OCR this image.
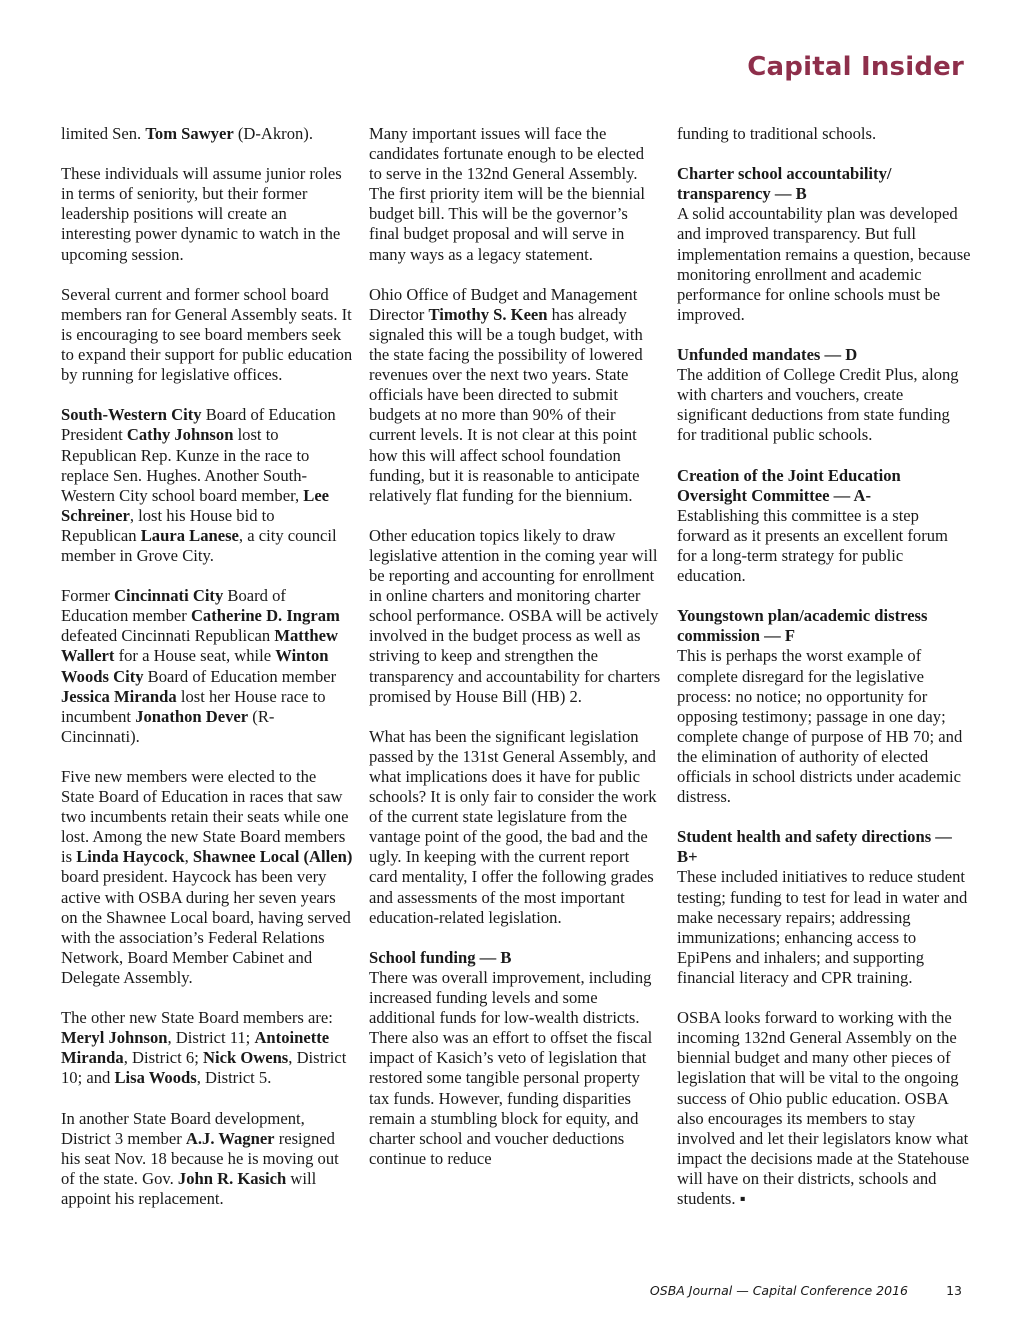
Capital Insider

limited Sen. Tom Sawyer (D-Akron).

These individuals will assume junior roles in terms of seniority, but their former leadership positions will create an interesting power dynamic to watch in the upcoming session.

Several current and former school board members ran for General Assembly seats. It is encouraging to see board members seek to expand their support for public education by running for legislative offices.

South-Western City Board of Education President Cathy Johnson lost to Republican Rep. Kunze in the race to replace Sen. Hughes. Another South-Western City school board member, Lee Schreiner, lost his House bid to Republican Laura Lanese, a city council member in Grove City.

Former Cincinnati City Board of Education member Catherine D. Ingram defeated Cincinnati Republican Matthew Wallert for a House seat, while Winton Woods City Board of Education member Jessica Miranda lost her House race to incumbent Jonathon Dever (R-Cincinnati).

Five new members were elected to the State Board of Education in races that saw two incumbents retain their seats while one lost. Among the new State Board members is Linda Haycock, Shawnee Local (Allen) board president. Haycock has been very active with OSBA during her seven years on the Shawnee Local board, having served with the association’s Federal Relations Network, Board Member Cabinet and Delegate Assembly.

The other new State Board members are: Meryl Johnson, District 11; Antoinette Miranda, District 6; Nick Owens, District 10; and Lisa Woods, District 5.

In another State Board development, District 3 member A.J. Wagner resigned his seat Nov. 18 because he is moving out of the state. Gov. John R. Kasich will appoint his replacement.

Many important issues will face the candidates fortunate enough to be elected to serve in the 132nd General Assembly. The first priority item will be the biennial budget bill. This will be the governor’s final budget proposal and will serve in many ways as a legacy statement.

Ohio Office of Budget and Management Director Timothy S. Keen has already signaled this will be a tough budget, with the state facing the possibility of lowered revenues over the next two years. State officials have been directed to submit budgets at no more than 90% of their current levels. It is not clear at this point how this will affect school foundation funding, but it is reasonable to anticipate relatively flat funding for the biennium.

Other education topics likely to draw legislative attention in the coming year will be reporting and accounting for enrollment in online charters and monitoring charter school performance. OSBA will be actively involved in the budget process as well as striving to keep and strengthen the transparency and accountability for charters promised by House Bill (HB) 2.

What has been the significant legislation passed by the 131st General Assembly, and what implications does it have for public schools? It is only fair to consider the work of the current state legislature from the vantage point of the good, the bad and the ugly. In keeping with the current report card mentality, I offer the following grades and assessments of the most important education-related legislation.

School funding — B

There was overall improvement, including increased funding levels and some additional funds for low-wealth districts. There also was an effort to offset the fiscal impact of Kasich’s veto of legislation that restored some tangible personal property tax funds. However, funding disparities remain a stumbling block for equity, and charter school and voucher deductions continue to reduce

funding to traditional schools.

Charter school accountability/ transparency — B

A solid accountability plan was developed and improved transparency. But full implementation remains a question, because monitoring enrollment and academic performance for online schools must be improved.

Unfunded mandates — D

The addition of College Credit Plus, along with charters and vouchers, create significant deductions from state funding for traditional public schools.

Creation of the Joint Education Oversight Committee — A-

Establishing this committee is a step forward as it presents an excellent forum for a long-term strategy for public education.

Youngstown plan/academic distress commission — F

This is perhaps the worst example of complete disregard for the legislative process: no notice; no opportunity for opposing testimony; passage in one day; complete change of purpose of HB 70; and the elimination of authority of elected officials in school districts under academic distress.

Student health and safety directions — B+

These included initiatives to reduce student testing; funding to test for lead in water and make necessary repairs; addressing immunizations; enhancing access to EpiPens and inhalers; and supporting financial literacy and CPR training.

OSBA looks forward to working with the incoming 132nd General Assembly on the biennial budget and many other pieces of legislation that will be vital to the ongoing success of Ohio public education. OSBA also encourages its members to stay involved and let their legislators know what impact the decisions made at the Statehouse will have on their districts, schools and students. ▪

OSBA Journal — Capital Conference 2016	13
